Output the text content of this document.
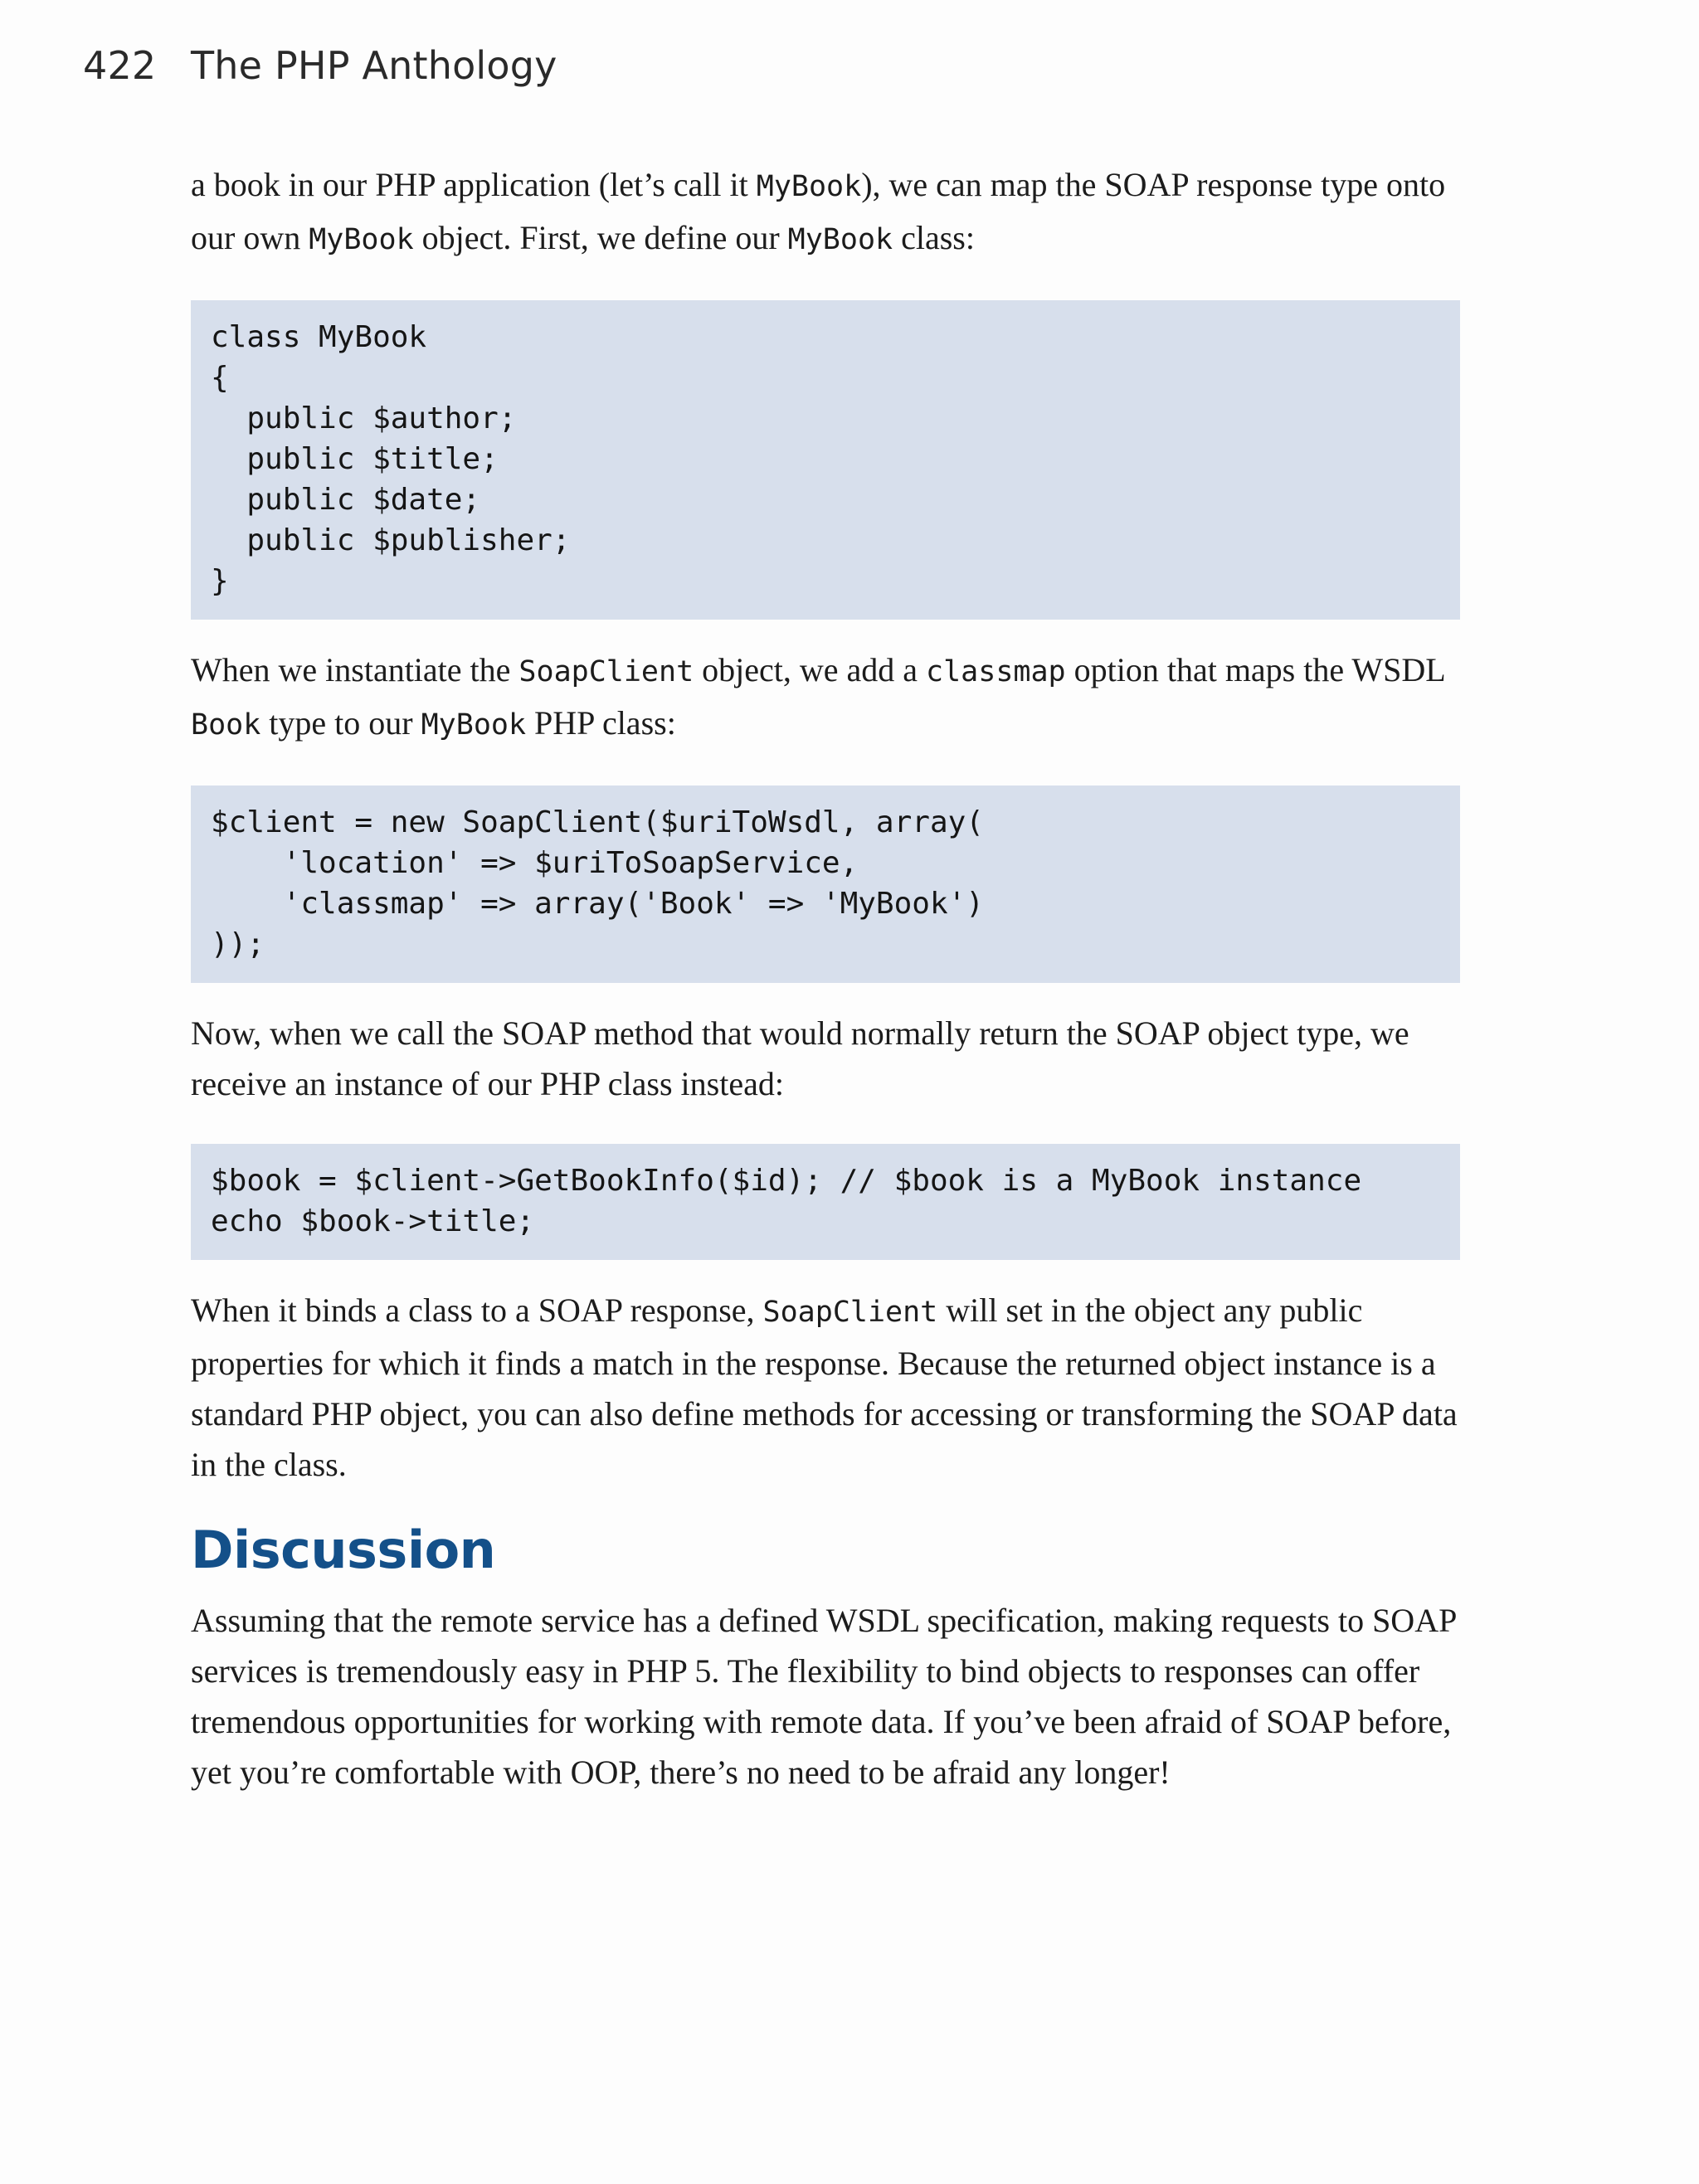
422 The PHP Anthology

a book in our PHP application (let’s call it MyBook), we can map the SOAP response type onto our own MyBook object. First, we define our MyBook class:

class MyBook
{
public $author;
public $title;
public $date;
public $publisher;
}

When we instantiate the SoapClient object, we add a classmap option that maps the WSDL Book type to our MyBook PHP class:

$client = new SoapClient($uriToWsdl, array(
'location' => $uriToSoapService,
'classmap' => array('Book' => 'MyBook')
));

Now, when we call the SOAP method that would normally return the SOAP object type, we receive an instance of our PHP class instead:

$book = $client->GetBookInfo($id); // $book is a MyBook instance
echo $book->title;

When it binds a class to a SOAP response, SoapClient will set in the object any public properties for which it finds a match in the response. Because the returned object instance is a standard PHP object, you can also define methods for accessing or transforming the SOAP data in the class.

Discussion

Assuming that the remote service has a defined WSDL specification, making requests to SOAP services is tremendously easy in PHP 5. The flexibility to bind objects to responses can offer tremendous opportunities for working with remote data. If you’ve been afraid of SOAP before, yet you’re comfortable with OOP, there’s no need to be afraid any longer!
